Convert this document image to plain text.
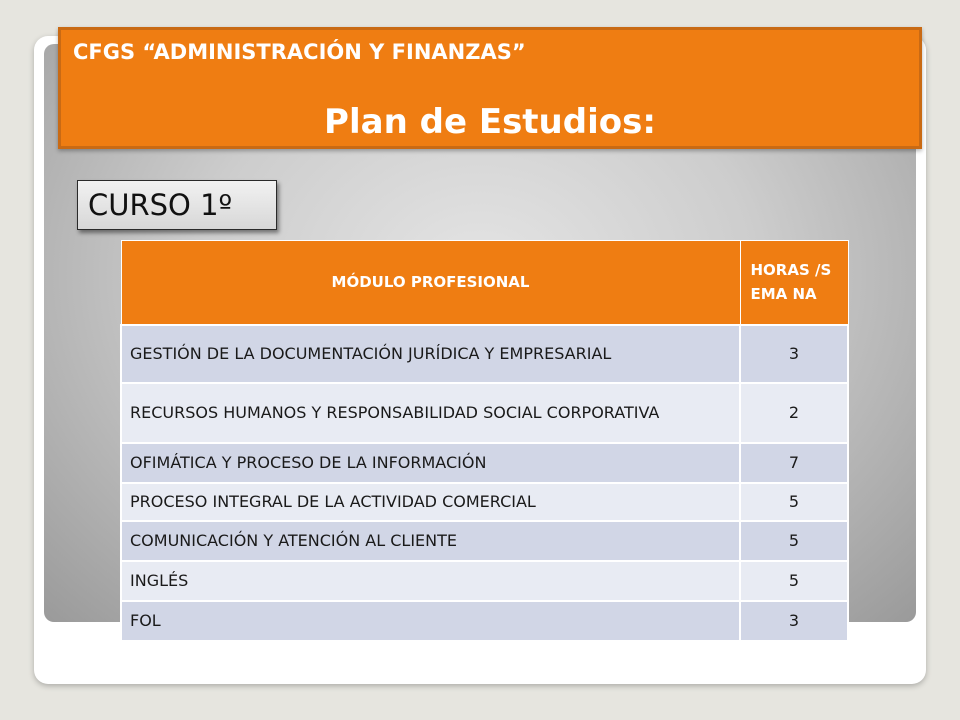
CFGS “ADMINISTRACIÓN Y FINANZAS”
Plan de Estudios:
CURSO 1º
MÓDULO PROFESIONAL	HORAS /SEMA NA
GESTIÓN DE LA DOCUMENTACIÓN JURÍDICA Y EMPRESARIAL	3
RECURSOS HUMANOS Y RESPONSABILIDAD SOCIAL CORPORATIVA	2
OFIMÁTICA Y PROCESO DE LA INFORMACIÓN	7
PROCESO INTEGRAL DE LA ACTIVIDAD COMERCIAL	5
COMUNICACIÓN Y ATENCIÓN AL CLIENTE	5
INGLÉS	5
FOL	3
